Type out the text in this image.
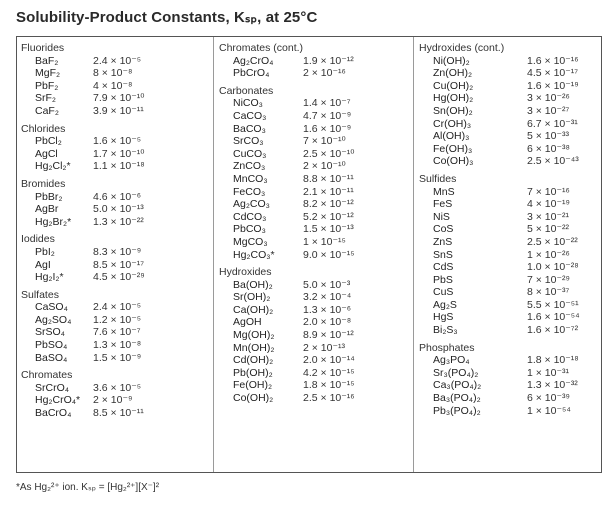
Solubility-Product Constants, Kₛₚ, at 25°C
Fluorides
BaF₂	2.4 × 10⁻⁵
MgF₂	8 × 10⁻⁸
PbF₂	4 × 10⁻⁸
SrF₂	7.9 × 10⁻¹⁰
CaF₂	3.9 × 10⁻¹¹
Chlorides
PbCl₂	1.6 × 10⁻⁵
AgCl	1.7 × 10⁻¹⁰
Hg₂Cl₂* 1.1 × 10⁻¹⁸
Bromides
PbBr₂	4.6 × 10⁻⁶
AgBr	5.0 × 10⁻¹³
Hg₂Br₂* 1.3 × 10⁻²²
Iodides
PbI₂	8.3 × 10⁻⁹
AgI	8.5 × 10⁻¹⁷
Hg₂I₂*	4.5 × 10⁻²⁹
Sulfates
CaSO₄ 2.4 × 10⁻⁵
Ag₂SO₄ 1.2 × 10⁻⁵
SrSO₄	7.6 × 10⁻⁷
PbSO₄ 1.3 × 10⁻⁸
BaSO₄ 1.5 × 10⁻⁹
Chromates
SrCrO₄ 3.6 × 10⁻⁵
Hg₂CrO₄* 2 × 10⁻⁹
BaCrO₄ 8.5 × 10⁻¹¹
Chromates (cont.)
Ag₂CrO₄	1.9 × 10⁻¹²
PbCrO₄	2 × 10⁻¹⁶
Carbonates
NiCO₃	1.4 × 10⁻⁷
CaCO₃	4.7 × 10⁻⁹
BaCO₃	1.6 × 10⁻⁹
SrCO₃	7 × 10⁻¹⁰
CuCO₃	2.5 × 10⁻¹⁰
ZnCO₃	2 × 10⁻¹⁰
MnCO₃	8.8 × 10⁻¹¹
FeCO₃	2.1 × 10⁻¹¹
Ag₂CO₃	8.2 × 10⁻¹²
CdCO₃	5.2 × 10⁻¹²
PbCO₃	1.5 × 10⁻¹³
MgCO₃	1 × 10⁻¹⁵
Hg₂CO₃*	9.0 × 10⁻¹⁵
Hydroxides
Ba(OH)₂	5.0 × 10⁻³
Sr(OH)₂	3.2 × 10⁻⁴
Ca(OH)₂	1.3 × 10⁻⁶
AgOH	2.0 × 10⁻⁸
Mg(OH)₂	8.9 × 10⁻¹²
Mn(OH)₂	2 × 10⁻¹³
Cd(OH)₂	2.0 × 10⁻¹⁴
Pb(OH)₂	4.2 × 10⁻¹⁵
Fe(OH)₂	1.8 × 10⁻¹⁵
Co(OH)₂	2.5 × 10⁻¹⁶
Hydroxides (cont.)
Ni(OH)₂	1.6 × 10⁻¹⁶
Zn(OH)₂	4.5 × 10⁻¹⁷
Cu(OH)₂	1.6 × 10⁻¹⁹
Hg(OH)₂	3 × 10⁻²⁶
Sn(OH)₂	3 × 10⁻²⁷
Cr(OH)₃	6.7 × 10⁻³¹
Al(OH)₃	5 × 10⁻³³
Fe(OH)₃	6 × 10⁻³⁸
Co(OH)₃	2.5 × 10⁻⁴³
Sulfides
MnS	7 × 10⁻¹⁶
FeS	4 × 10⁻¹⁹
NiS	3 × 10⁻²¹
CoS	5 × 10⁻²²
ZnS	2.5 × 10⁻²²
SnS	1 × 10⁻²⁶
CdS	1.0 × 10⁻²⁸
PbS	7 × 10⁻²⁹
CuS	8 × 10⁻³⁷
Ag₂S	5.5 × 10⁻⁵¹
HgS	1.6 × 10⁻⁵⁴
Bi₂S₃	1.6 × 10⁻⁷²
Phosphates
Ag₃PO₄	1.8 × 10⁻¹⁸
Sr₃(PO₄)₂	1 × 10⁻³¹
Ca₃(PO₄)₂	1.3 × 10⁻³²
Ba₃(PO₄)₂	6 × 10⁻³⁹
Pb₃(PO₄)₂	1 × 10⁻⁵⁴
*As Hg₂²⁺ ion. Kₛₚ = [Hg₂²⁺][X⁻]²
